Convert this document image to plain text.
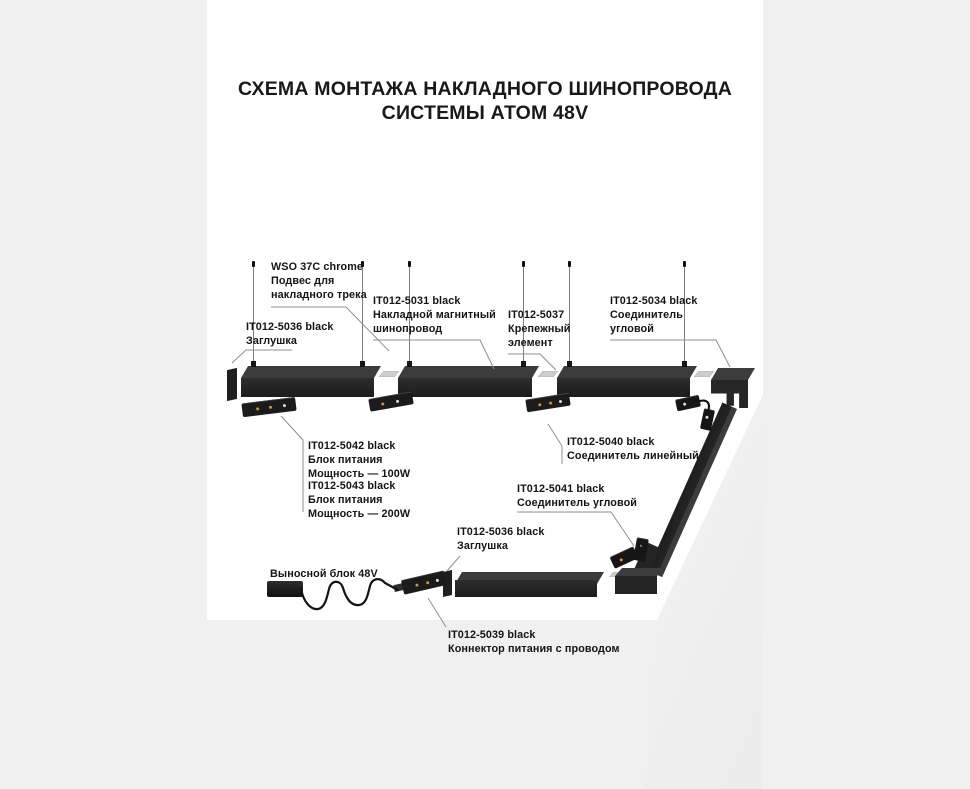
СХЕМА МОНТАЖА НАКЛАДНОГО ШИНОПРОВОДА
СИСТЕМЫ АТОМ 48V
WSO 37C chrome
Подвес для
накладного трека
IT012-5036 black
Заглушка
IT012-5031 black
Накладной магнитный
шинопровод
IT012-5037
Крепежный
элемент
IT012-5034 black
Соединитель
угловой
IT012-5042 black
Блок питания
Мощность — 100W
IT012-5043 black
Блок питания
Мощность — 200W
IT012-5040 black
Соединитель линейный
IT012-5041 black
Соединитель угловой
IT012-5036 black
Заглушка
Выносной блок 48V
IT012-5039 black
Коннектор питания с проводом
